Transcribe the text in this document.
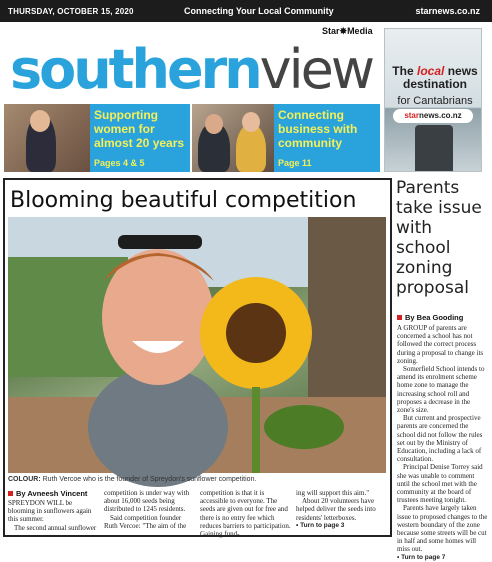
THURSDAY, OCTOBER 15, 2020	Connecting Your Local Community	starnews.co.nz
Star✸Media
southernview	The local news destination
for Cantabrians
starnews.co.nz
Supporting women for almost 20 years
Pages 4 & 5
Connecting business with community
Page 11
Blooming beautiful competition
COLOUR: Ruth Vercoe who is the founder of Spreydon's sunflower competition.
By Avneesh Vincent

SPREYDON WILL be blooming in sunflowers again this summer.

The second annual sunflower

competition is under way with about 16,000 seeds being distributed to 1245 residents.

Said competition founder Ruth Vercoe: "The aim of the

competition is that it is accessible to everyone. The seeds are given out for free and there is no entry fee which reduces barriers to participation. Gaining fund-

ing will support this aim."

About 20 volunteers have helped deliver the seeds into residents' letterboxes.

• Turn to page 3

Parents take issue with school zoning proposal
By Bea Gooding

A GROUP of parents are concerned a school has not followed the correct process during a proposal to change its zoning.

Somerfield School intends to amend its enrolment scheme home zone to manage the increasing school roll and proposes a decrease in the zone's size.

But current and prospective parents are concerned the school did not follow the rules set out by the Ministry of Education, including a lack of consultation.

Principal Denise Torrey said she was unable to comment until the school met with the community at the board of trustees meeting tonight.

Parents have largely taken issue to proposed changes to the western boundary of the zone because some streets will be cut in half and some homes will miss out.

• Turn to page 7
